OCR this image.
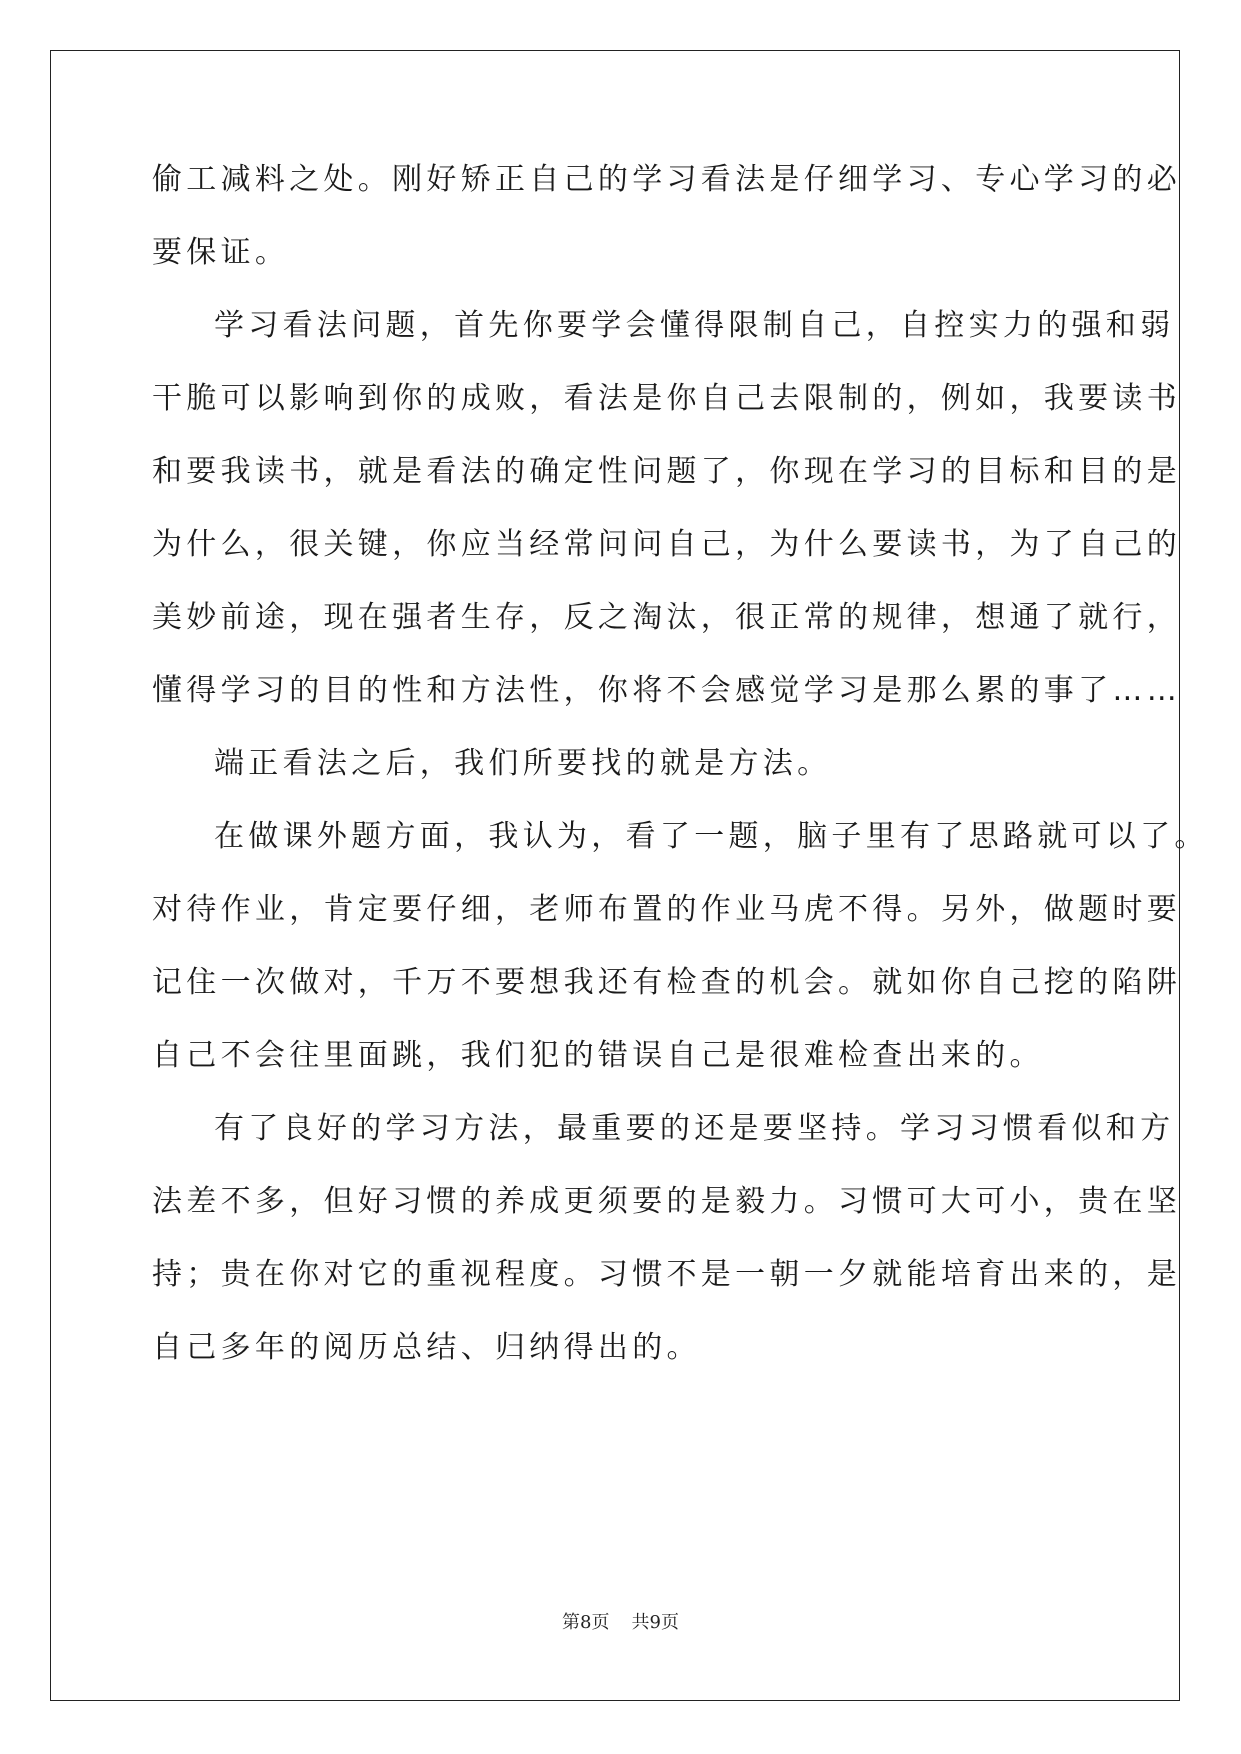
偷工减料之处。刚好矫正自己的学习看法是仔细学习、专心学习的必
要保证。
学习看法问题，首先你要学会懂得限制自己，自控实力的强和弱
干脆可以影响到你的成败，看法是你自己去限制的，例如，我要读书
和要我读书，就是看法的确定性问题了，你现在学习的目标和目的是
为什么，很关键，你应当经常问问自己，为什么要读书，为了自己的
美妙前途，现在强者生存，反之淘汰，很正常的规律，想通了就行，
懂得学习的目的性和方法性，你将不会感觉学习是那么累的事了……
端正看法之后，我们所要找的就是方法。
在做课外题方面，我认为，看了一题，脑子里有了思路就可以了。
对待作业，肯定要仔细，老师布置的作业马虎不得。另外，做题时要
记住一次做对，千万不要想我还有检查的机会。就如你自己挖的陷阱
自己不会往里面跳，我们犯的错误自己是很难检查出来的。
有了良好的学习方法，最重要的还是要坚持。学习习惯看似和方
法差不多，但好习惯的养成更须要的是毅力。习惯可大可小，贵在坚
持；贵在你对它的重视程度。习惯不是一朝一夕就能培育出来的，是
自己多年的阅历总结、归纳得出的。
第8页 共9页
